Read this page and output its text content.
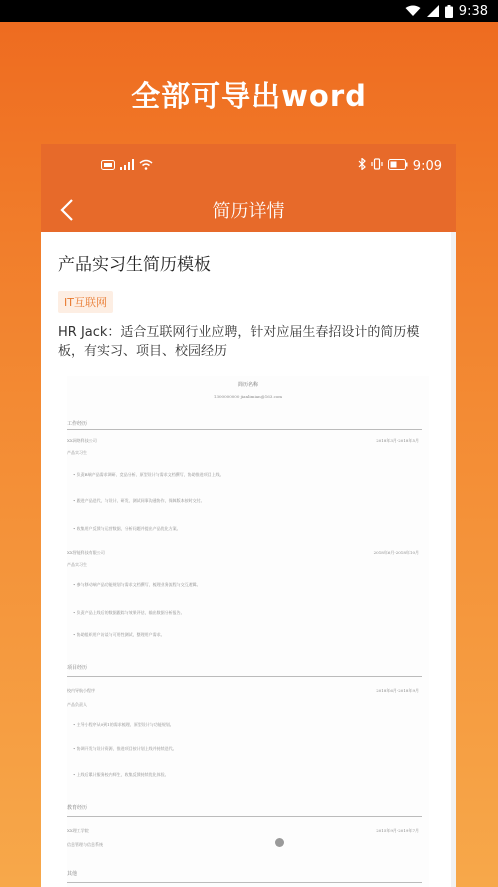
9:38
全部可导出word
9:09
简历详情
产品实习生简历模板
IT互联网
HR Jack：适合互联网行业应聘，针对应届生春招设计的简历模板，有实习、项目、校园经历
简历名称
1300000000 jianlimian@163.com
工作经历
XX网络科技公司	2018年3月-2018年5月
产品实习生
• 负责B端产品需求调研、竞品分析、原型设计与需求文档撰写，协助推进项目上线。
• 跟进产品迭代，与设计、研发、测试同事沟通协作，保障版本按时交付。
• 收集用户反馈与运营数据，分析问题并提出产品优化方案。
XX智能科技有限公司	2018年6月-2018年10月
产品实习生
• 参与移动端产品功能规划与需求文档撰写，梳理业务流程与交互逻辑。
• 负责产品上线后的数据跟踪与效果评估，输出数据分析报告。
• 协助组织用户访谈与可用性测试，整理用户需求。
项目经历
校内导航小程序	2018年6月-2018年9月
产品负责人
• 主导小程序从0到1的需求梳理、原型设计与功能规划。
• 协调开发与设计资源，推进项目按计划上线并持续迭代。
• 上线后累计服务校内师生，收集反馈持续优化体验。
教育经历
XX理工学院	2015年9月-2019年7月
信息管理与信息系统
其他
